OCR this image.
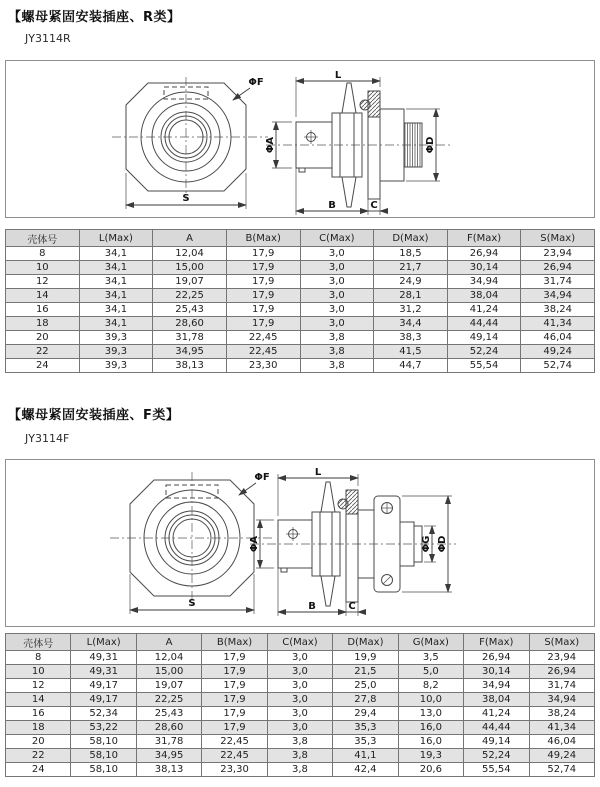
【螺母紧固安装插座、R类】
JY3114R
S
ΦF
L
ΦA	ΦD
B	C
壳体号	L(Max)	A	B(Max)	C(Max)	D(Max)	F(Max)	S(Max)
8	34,1	12,04	17,9	3,0	18,5	26,94	23,94
10	34,1	15,00	17,9	3,0	21,7	30,14	26,94
12	34,1	19,07	17,9	3,0	24,9	34,94	31,74
14	34,1	22,25	17,9	3,0	28,1	38,04	34,94
16	34,1	25,43	17,9	3,0	31,2	41,24	38,24
18	34,1	28,60	17,9	3,0	34,4	44,44	41,34
20	39,3	31,78	22,45	3,8	38,3	49,14	46,04
22	39,3	34,95	22,45	3,8	41,5	52,24	49,24
24	39,3	38,13	23,30	3,8	44,7	55,54	52,74
【螺母紧固安装插座、F类】
JY3114F
S
ΦF	L
ΦA	ΦG ΦD
B	C
壳体号	L(Max)	A	B(Max)	C(Max)	D(Max)	G(Max)	F(Max)	S(Max)
8	49,31	12,04	17,9	3,0	19,9	3,5	26,94	23,94
10	49,31	15,00	17,9	3,0	21,5	5,0	30,14	26,94
12	49,17	19,07	17,9	3,0	25,0	8,2	34,94	31,74
14	49,17	22,25	17,9	3,0	27,8	10,0	38,04	34,94
16	52,34	25,43	17,9	3,0	29,4	13,0	41,24	38,24
18	53,22	28,60	17,9	3,0	35,3	16,0	44,44	41,34
20	58,10	31,78	22,45	3,8	35,3	16,0	49,14	46,04
22	58,10	34,95	22,45	3,8	41,1	19,3	52,24	49,24
24	58,10	38,13	23,30	3,8	42,4	20,6	55,54	52,74
